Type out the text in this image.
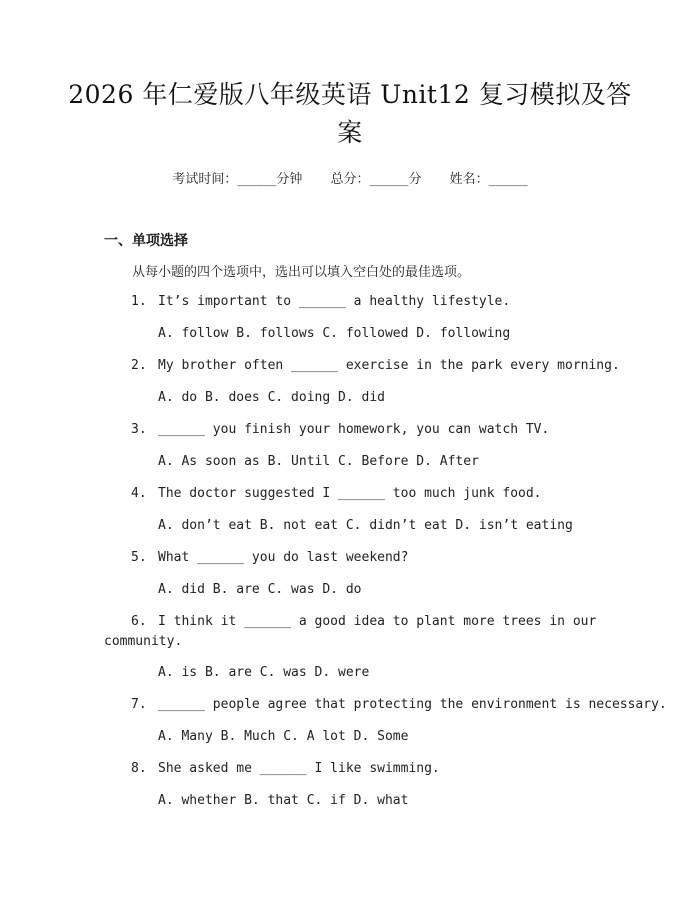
2026 年仁爱版八年级英语 Unit12 复习模拟及答案
考试时间：______分钟 总分：______分 姓名：______
一、单项选择
从每小题的四个选项中，选出可以填入空白处的最佳选项。
1. It’s important to ______ a healthy lifestyle.
A. follow B. follows C. followed D. following
2. My brother often ______ exercise in the park every morning.
A. do B. does C. doing D. did
3. ______ you finish your homework, you can watch TV.
A. As soon as B. Until C. Before D. After
4. The doctor suggested I ______ too much junk food.
A. don’t eat B. not eat C. didn’t eat D. isn’t eating
5. What ______ you do last weekend?
A. did B. are C. was D. do
6. I think it ______ a good idea to plant more trees in our community.
A. is B. are C. was D. were
7. ______ people agree that protecting the environment is necessary.
A. Many B. Much C. A lot D. Some
8. She asked me ______ I like swimming.
A. whether B. that C. if D. what
